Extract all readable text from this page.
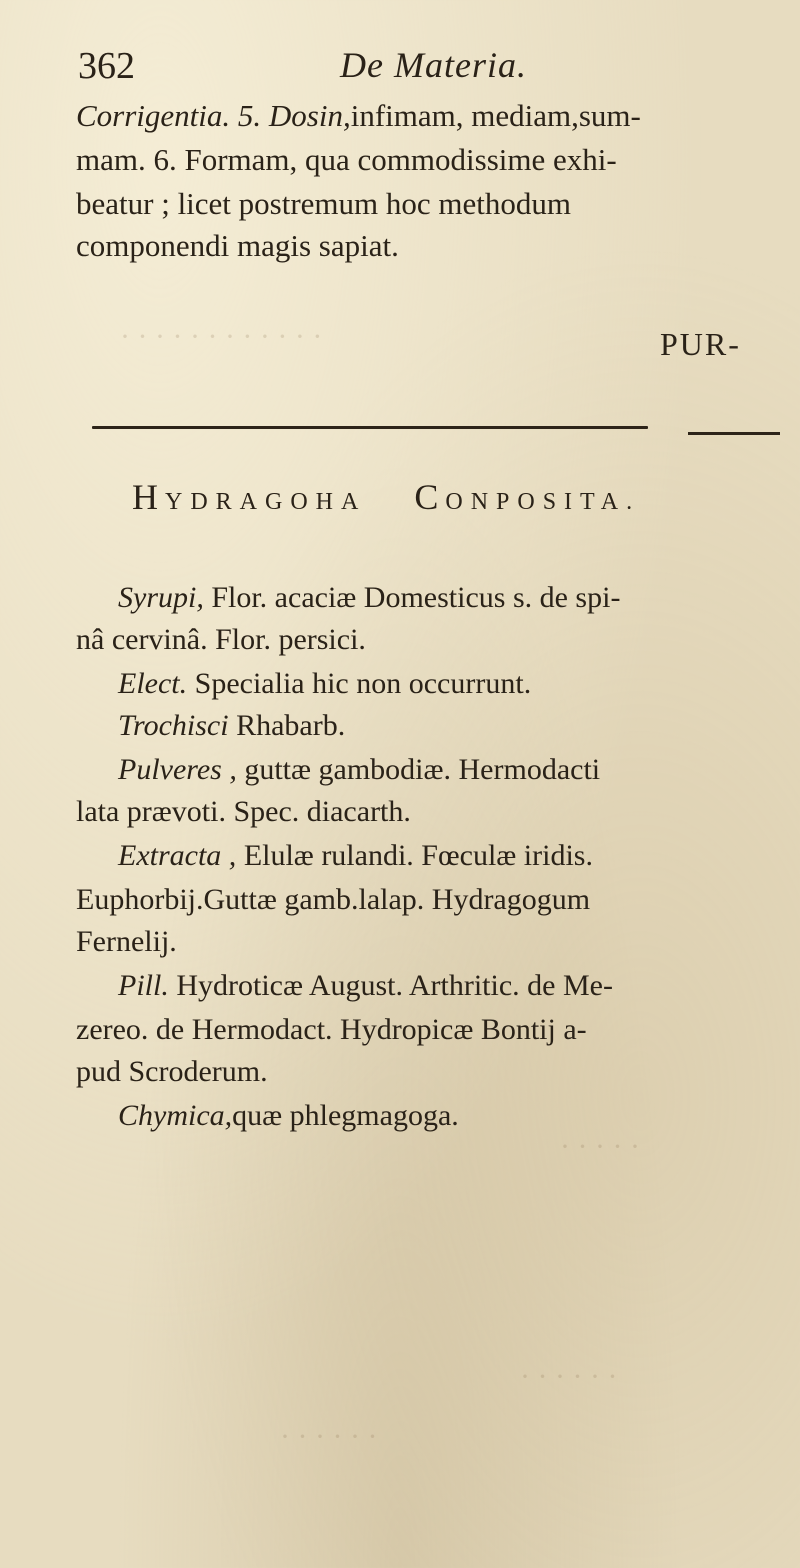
362	De Materia.
Corrigentia. 5. Dosin,infimam, mediam,sum-
mam. 6. Formam, qua commodissime exhi-
beatur ; licet postremum hoc methodum
componendi magis sapiat.
PUR-
HYDRAGOHA CONPOSITA.
Syrupi, Flor. acaciæ Domesticus s. de spi-
nâ cervinâ. Flor. persici.
Elect. Specialia hic non occurrunt.
Trochisci Rhabarb.
Pulveres , guttæ gambodiæ. Hermodacti
lata prævoti. Spec. diacarth.
Extracta , Elulæ rulandi. Fœculæ iridis.
Euphorbij.Guttæ gamb.lalap. Hydragogum
Fernelij.
Pill. Hydroticæ August. Arthritic. de Me-
zereo. de Hermodact. Hydropicæ Bontij a-
pud Scroderum.
Chymica,quæ phlegmagoga.
· · · · · · · · · · · ·
· · · · ·
· · · · · ·
· · · · · ·
